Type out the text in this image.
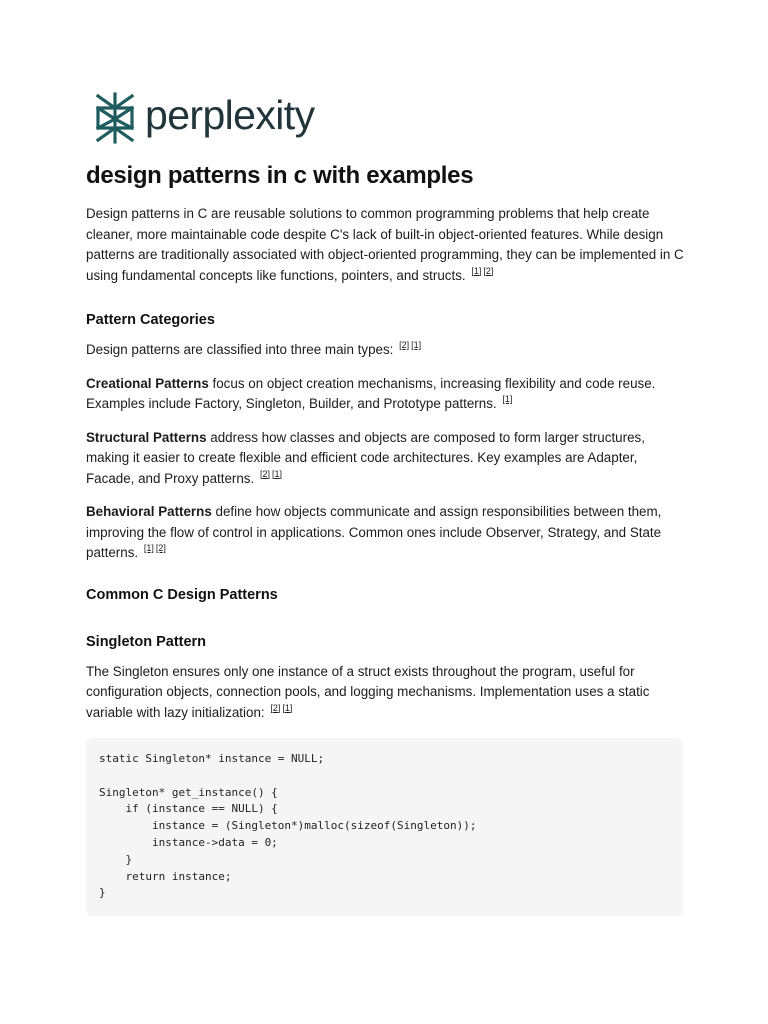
perplexity
design patterns in c with examples

Design patterns in C are reusable solutions to common programming problems that help create cleaner, more maintainable code despite C's lack of built-in object-oriented features. While design patterns are traditionally associated with object-oriented programming, they can be implemented in C using fundamental concepts like functions, pointers, and structs. [1] [2]

Pattern Categories

Design patterns are classified into three main types: [2] [1]

Creational Patterns focus on object creation mechanisms, increasing flexibility and code reuse. Examples include Factory, Singleton, Builder, and Prototype patterns. [1]

Structural Patterns address how classes and objects are composed to form larger structures, making it easier to create flexible and efficient code architectures. Key examples are Adapter, Facade, and Proxy patterns. [2] [1]

Behavioral Patterns define how objects communicate and assign responsibilities between them, improving the flow of control in applications. Common ones include Observer, Strategy, and State patterns. [1] [2]

Common C Design Patterns
Singleton Pattern

The Singleton ensures only one instance of a struct exists throughout the program, useful for configuration objects, connection pools, and logging mechanisms. Implementation uses a static variable with lazy initialization: [2] [1]

static Singleton* instance = NULL;
Singleton* get_instance() {
if (instance == NULL) {
instance = (Singleton*)malloc(sizeof(Singleton));
instance->data = 0;
}
return instance;
}
